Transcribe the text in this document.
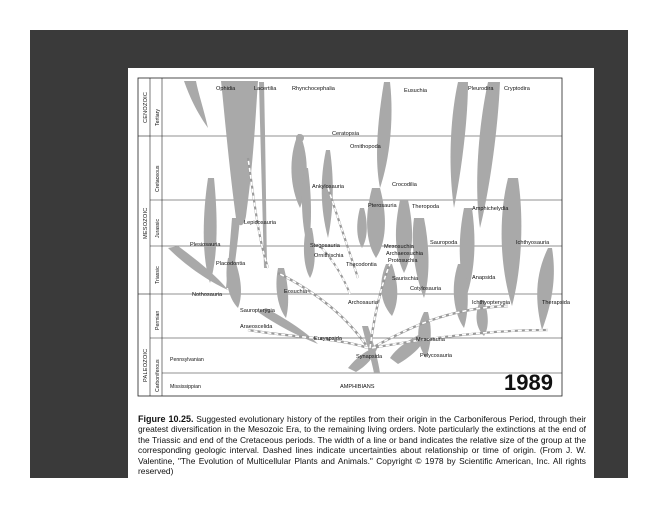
CENOZOIC
MESOZOIC
PALEOZOIC
Tertiary
Cretaceous
Jurassic
Triassic
Permian
Carboniferous
Ophidia	Lacertilia	Rhynchocephalia	Eusuchia	Pleurodira Cryptodira
Ceratopsia
Ornithopoda
Ankylosauria	Crocodilia
Lepidosauria
Pterosauria	Theropoda	Amphichelydia
Plesiosauria	Stegosauria	Mesosuchia
Sauropoda	Ichthyosauria
Placodontia
Ornithischia	Archaeosuchia
Protosuchia
Thecodontia
Saurischia
Cotylosauria
Anapsida
Nothosauria	Eosuchia
Archosauria	Ichthyopterygia	Therapsida
Sauropterygia
Araeoscelida
Euryapsida	Mesosauria
Synapsida	Pelycosauria
Pennsylvanian
Mississippian	AMPHIBIANS	1989
Figure 10.25. Suggested evolutionary history of the reptiles from their origin in the Carboniferous Period, through their greatest diversification in the Mesozoic Era, to the remaining living orders. Note particularly the extinctions at the end of the Triassic and end of the Cretaceous periods. The width of a line or band indicates the relative size of the group at the corresponding geologic interval. Dashed lines indicate uncertainties about relationship or time of origin. (From J. W. Valentine, "The Evolution of Multicellular Plants and Animals." Copyright © 1978 by Scientific American, Inc. All rights reserved)
